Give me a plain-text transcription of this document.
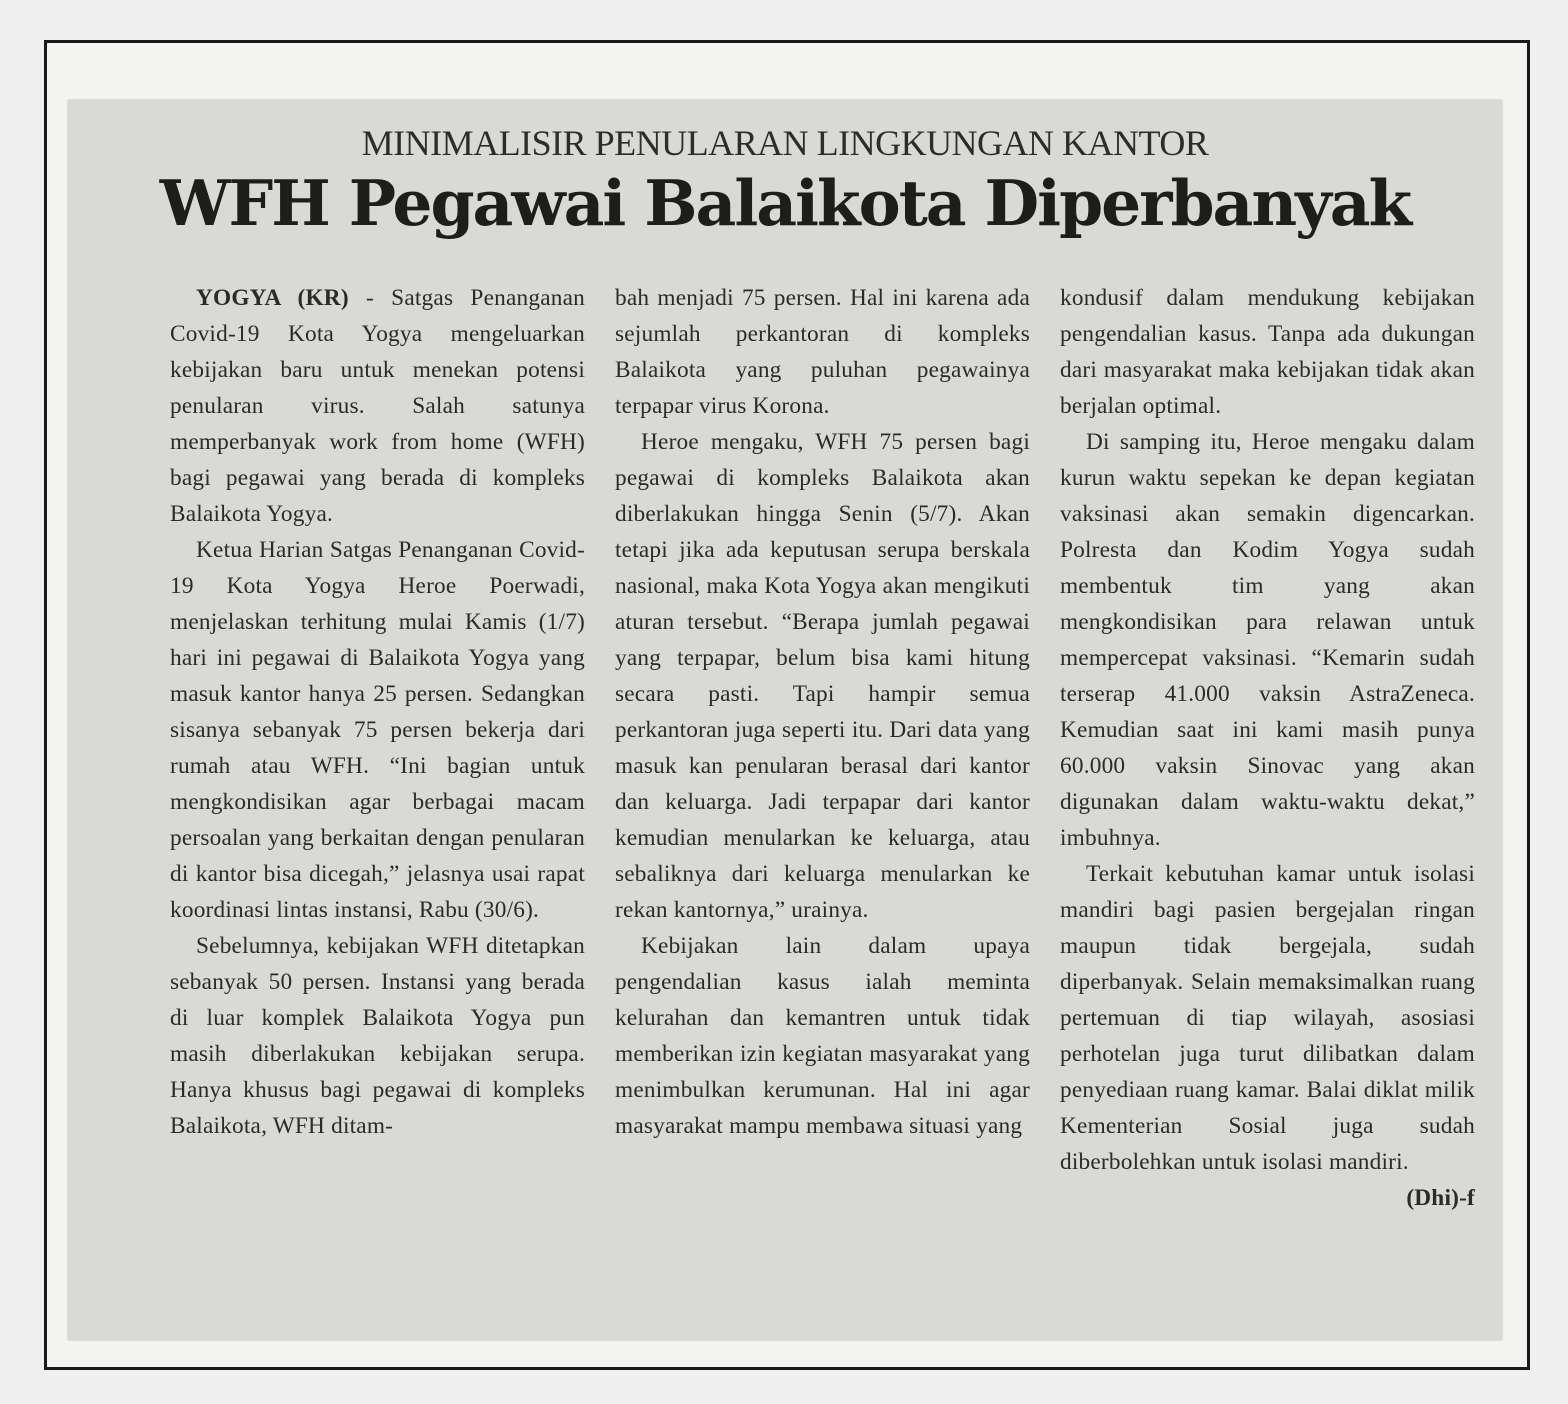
MINIMALISIR PENULARAN LINGKUNGAN KANTOR
WFH Pegawai Balaikota Diperbanyak

YOGYA (KR) - Satgas Penanganan Covid-19 Kota Yogya mengeluarkan kebijakan baru untuk menekan potensi penularan virus. Salah satunya memperbanyak work from home (WFH) bagi pegawai yang berada di kompleks Balaikota Yogya.

Ketua Harian Satgas Penanganan Covid-19 Kota Yogya Heroe Poerwadi, menjelaskan terhitung mulai Kamis (1/7) hari ini pegawai di Balaikota Yogya yang masuk kantor hanya 25 persen. Sedangkan sisanya sebanyak 75 persen bekerja dari rumah atau WFH. “Ini bagian untuk mengkondisikan agar berbagai macam persoalan yang berkaitan dengan penularan di kantor bisa dicegah,” jelasnya usai rapat koordinasi lintas instansi, Rabu (30/6).

Sebelumnya, kebijakan WFH ditetapkan sebanyak 50 persen. Instansi yang berada di luar komplek Balaikota Yogya pun masih diberlakukan kebijakan serupa. Hanya khusus bagi pegawai di kompleks Balaikota, WFH ditam-

bah menjadi 75 persen. Hal ini karena ada sejumlah perkantoran di kompleks Balaikota yang puluhan pegawainya terpapar virus Korona.

Heroe mengaku, WFH 75 persen bagi pegawai di kompleks Balaikota akan diberlakukan hingga Senin (5/7). Akan tetapi jika ada keputusan serupa berskala nasional, maka Kota Yogya akan mengikuti aturan tersebut. “Berapa jumlah pegawai yang terpapar, belum bisa kami hitung secara pasti. Tapi hampir semua perkantoran juga seperti itu. Dari data yang masuk kan penularan berasal dari kantor dan keluarga. Jadi terpapar dari kantor kemudian menularkan ke keluarga, atau sebaliknya dari keluarga menularkan ke rekan kantornya,” urainya.

Kebijakan lain dalam upaya pengendalian kasus ialah meminta kelurahan dan kemantren untuk tidak memberikan izin kegiatan masyarakat yang menimbulkan kerumunan. Hal ini agar masyarakat mampu membawa situasi yang

kondusif dalam mendukung kebijakan pengendalian kasus. Tanpa ada dukungan dari masyarakat maka kebijakan tidak akan berjalan optimal.

Di samping itu, Heroe mengaku dalam kurun waktu sepekan ke depan kegiatan vaksinasi akan semakin digencarkan. Polresta dan Kodim Yogya sudah membentuk tim yang akan mengkondisikan para relawan untuk mempercepat vaksinasi. “Kemarin sudah terserap 41.000 vaksin AstraZeneca. Kemudian saat ini kami masih punya 60.000 vaksin Sinovac yang akan digunakan dalam waktu-waktu dekat,” imbuhnya.

Terkait kebutuhan kamar untuk isolasi mandiri bagi pasien bergejalan ringan maupun tidak bergejala, sudah diperbanyak. Selain memaksimalkan ruang pertemuan di tiap wilayah, asosiasi perhotelan juga turut dilibatkan dalam penyediaan ruang kamar. Balai diklat milik Kementerian Sosial juga sudah diberbolehkan untuk isolasi mandiri.

(Dhi)-f
